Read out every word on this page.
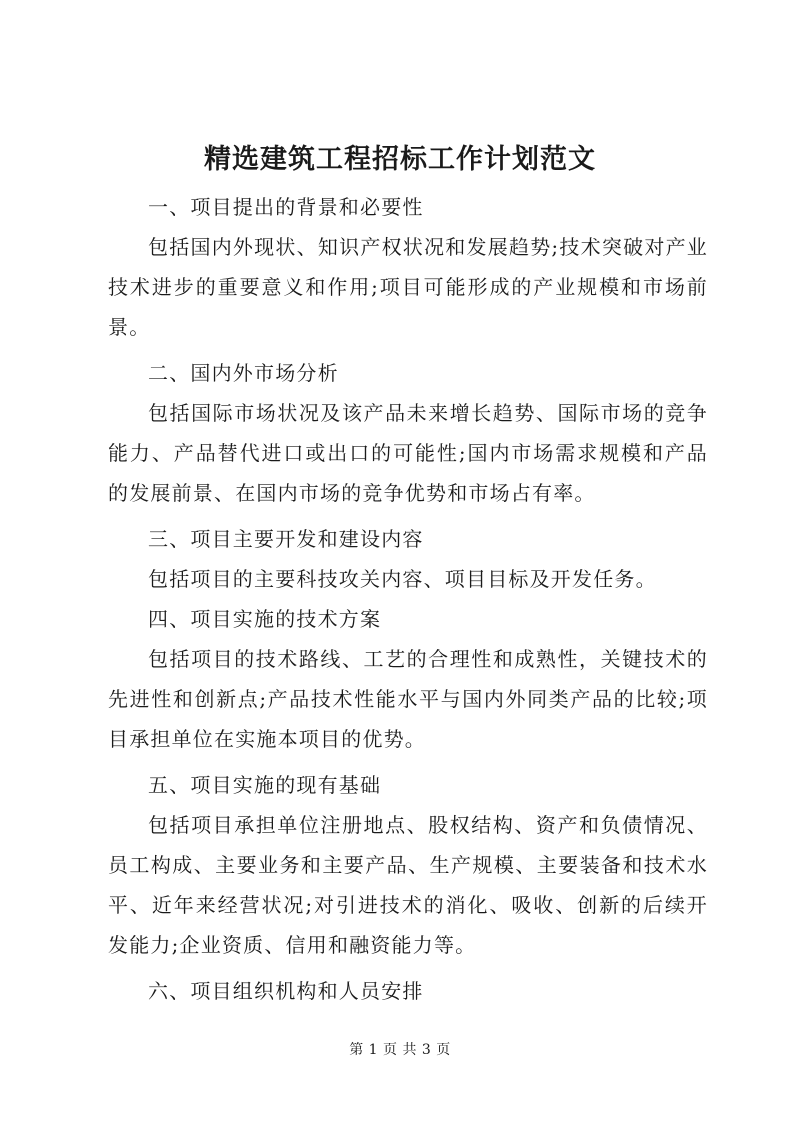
精选建筑工程招标工作计划范文

一、项目提出的背景和必要性

包括国内外现状、知识产权状况和发展趋势;技术突破对产业技术进步的重要意义和作用;项目可能形成的产业规模和市场前景。

二、国内外市场分析

包括国际市场状况及该产品未来增长趋势、国际市场的竞争能力、产品替代进口或出口的可能性;国内市场需求规模和产品的发展前景、在国内市场的竞争优势和市场占有率。

三、项目主要开发和建设内容

包括项目的主要科技攻关内容、项目目标及开发任务。

四、项目实施的技术方案

包括项目的技术路线、工艺的合理性和成熟性，关键技术的先进性和创新点;产品技术性能水平与国内外同类产品的比较;项目承担单位在实施本项目的优势。

五、项目实施的现有基础

包括项目承担单位注册地点、股权结构、资产和负债情况、员工构成、主要业务和主要产品、生产规模、主要装备和技术水平、近年来经营状况;对引进技术的消化、吸收、创新的后续开发能力;企业资质、信用和融资能力等。

六、项目组织机构和人员安排

第 1 页 共 3 页
